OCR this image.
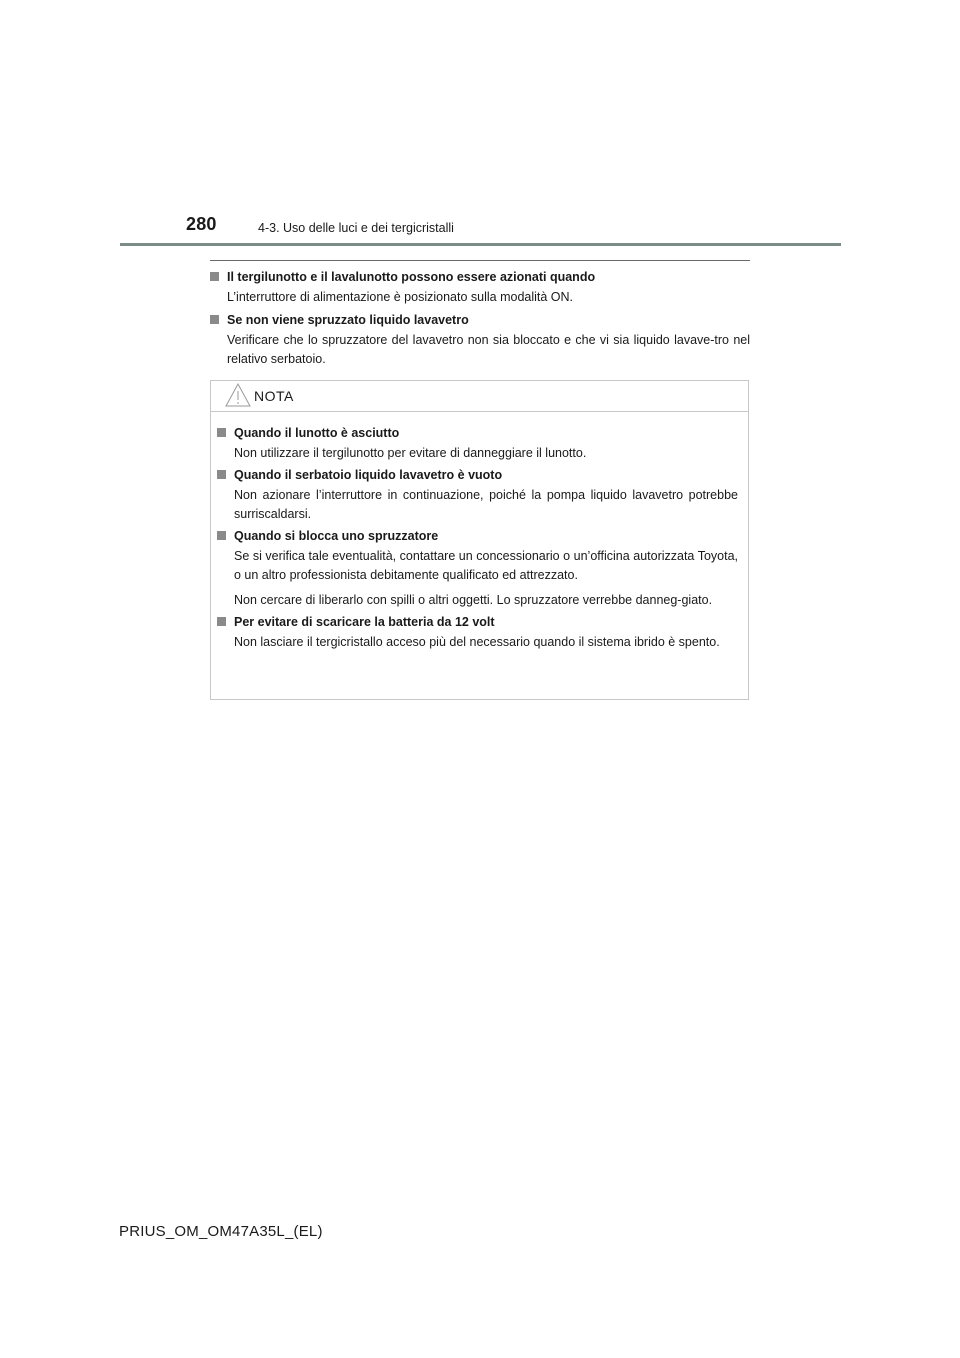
280	4-3. Uso delle luci e dei tergicristalli
Il tergilunotto e il lavalunotto possono essere azionati quando
L’interruttore di alimentazione è posizionato sulla modalità ON.
Se non viene spruzzato liquido lavavetro
Verificare che lo spruzzatore del lavavetro non sia bloccato e che vi sia liquido lavave-tro nel relativo serbatoio.
NOTA
Quando il lunotto è asciutto
Non utilizzare il tergilunotto per evitare di danneggiare il lunotto.
Quando il serbatoio liquido lavavetro è vuoto
Non azionare l’interruttore in continuazione, poiché la pompa liquido lavavetro potrebbe surriscaldarsi.
Quando si blocca uno spruzzatore
Se si verifica tale eventualità, contattare un concessionario o un’officina autorizzata Toyota, o un altro professionista debitamente qualificato ed attrezzato.
Non cercare di liberarlo con spilli o altri oggetti. Lo spruzzatore verrebbe danneg-giato.
Per evitare di scaricare la batteria da 12 volt
Non lasciare il tergicristallo acceso più del necessario quando il sistema ibrido è spento.
PRIUS_OM_OM47A35L_(EL)
